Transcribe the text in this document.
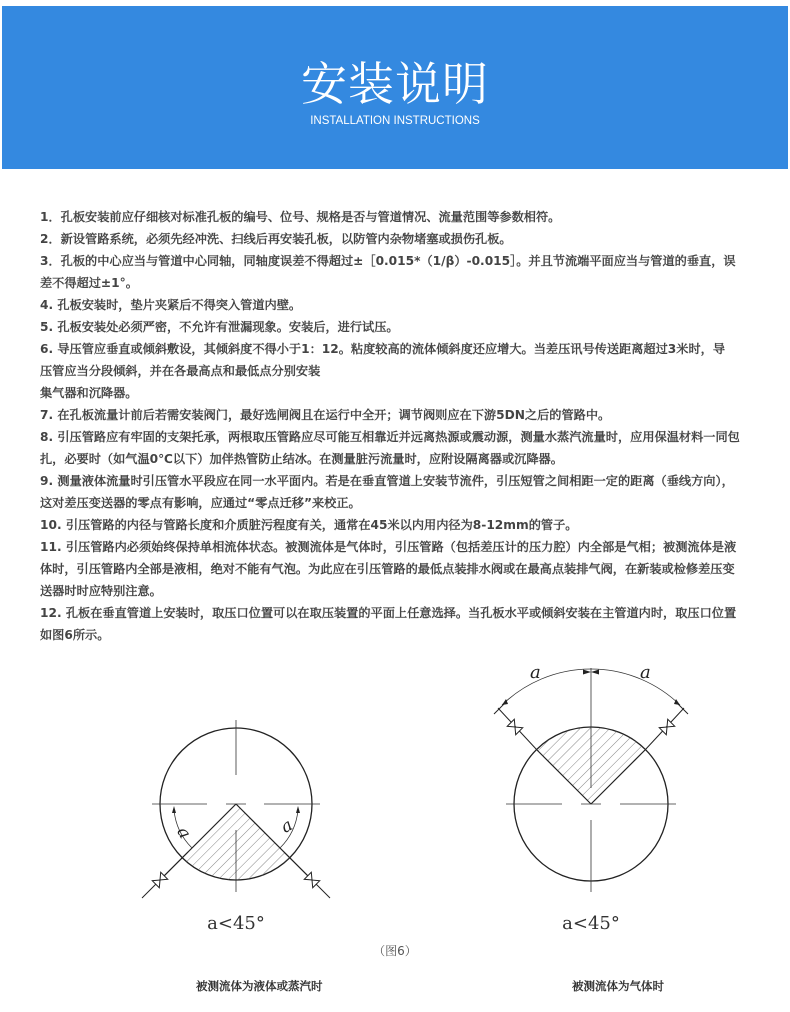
安装说明
INSTALLATION INSTRUCTIONS

1．孔板安装前应仔细核对标准孔板的编号、位号、规格是否与管道情况、流量范围等参数相符。

2．新设管路系统，必须先经冲洗、扫线后再安装孔板，以防管内杂物堵塞或损伤孔板。

3．孔板的中心应当与管道中心同轴，同轴度误差不得超过±［0.015*（1/β）-0.015］。并且节流端平面应当与管道的垂直，误差不得超过±1°。

4. 孔板安装时，垫片夹紧后不得突入管道内壁。

5. 孔板安装处必须严密，不允许有泄漏现象。安装后，进行试压。

6. 导压管应垂直或倾斜敷设，其倾斜度不得小于1：12。粘度较高的流体倾斜度还应增大。当差压讯号传送距离超过3米时，导压管应当分段倾斜，并在各最高点和最低点分别安装

集气器和沉降器。

7. 在孔板流量计前后若需安装阀门，最好选闸阀且在运行中全开；调节阀则应在下游5DN之后的管路中。

8. 引压管路应有牢固的支架托承，两根取压管路应尽可能互相靠近并远离热源或震动源，测量水蒸汽流量时，应用保温材料一同包扎，必要时（如气温0℃以下）加伴热管防止结冰。在测量脏污流量时，应附设隔离器或沉降器。

9. 测量液体流量时引压管水平段应在同一水平面内。若是在垂直管道上安装节流件，引压短管之间相距一定的距离（垂线方向），这对差压变送器的零点有影响，应通过“零点迁移”来校正。

10. 引压管路的内径与管路长度和介质脏污程度有关，通常在45米以内用内径为8-12mm的管子。

11. 引压管路内必须始终保持单相流体状态。被测流体是气体时，引压管路（包括差压计的压力腔）内全部是气相；被测流体是液体时，引压管路内全部是液相，绝对不能有气泡。为此应在引压管路的最低点装排水阀或在最高点装排气阀，在新装或检修差压变送器时时应特别注意。

12. 孔板在垂直管道上安装时，取压口位置可以在取压装置的平面上任意选择。当孔板水平或倾斜安装在主管道内时，取压口位置如图6所示。

a	a
a<45°
a	a
a<45°
（图6）
被测流体为液体或蒸汽时	被测流体为气体时
